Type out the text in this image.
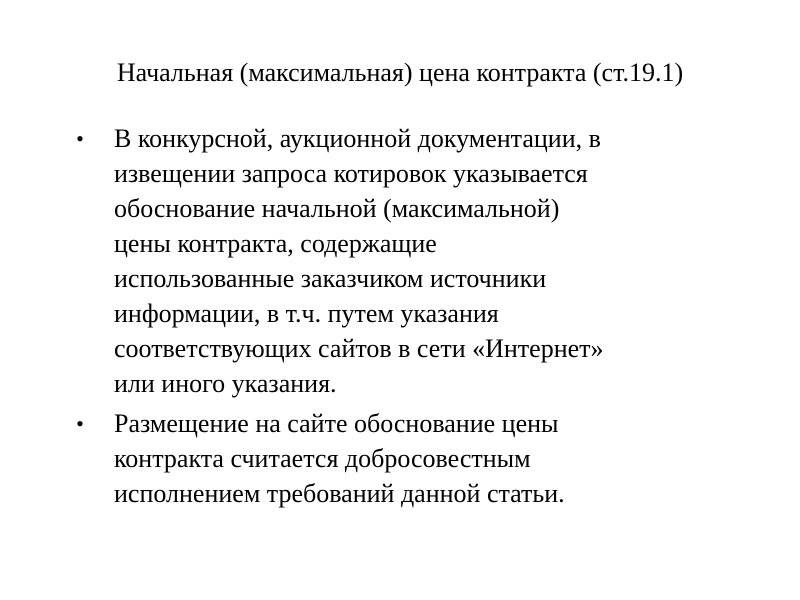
Начальная (максимальная) цена контракта (ст.19.1)
• В конкурсной, аукционной документации, в
извещении запроса котировок указывается
обоснование начальной (максимальной)
цены контракта, содержащие
использованные заказчиком источники
информации, в т.ч. путем указания
соответствующих сайтов в сети «Интернет»
или иного указания.
• Размещение на сайте обоснование цены
контракта считается добросовестным
исполнением требований данной статьи.
